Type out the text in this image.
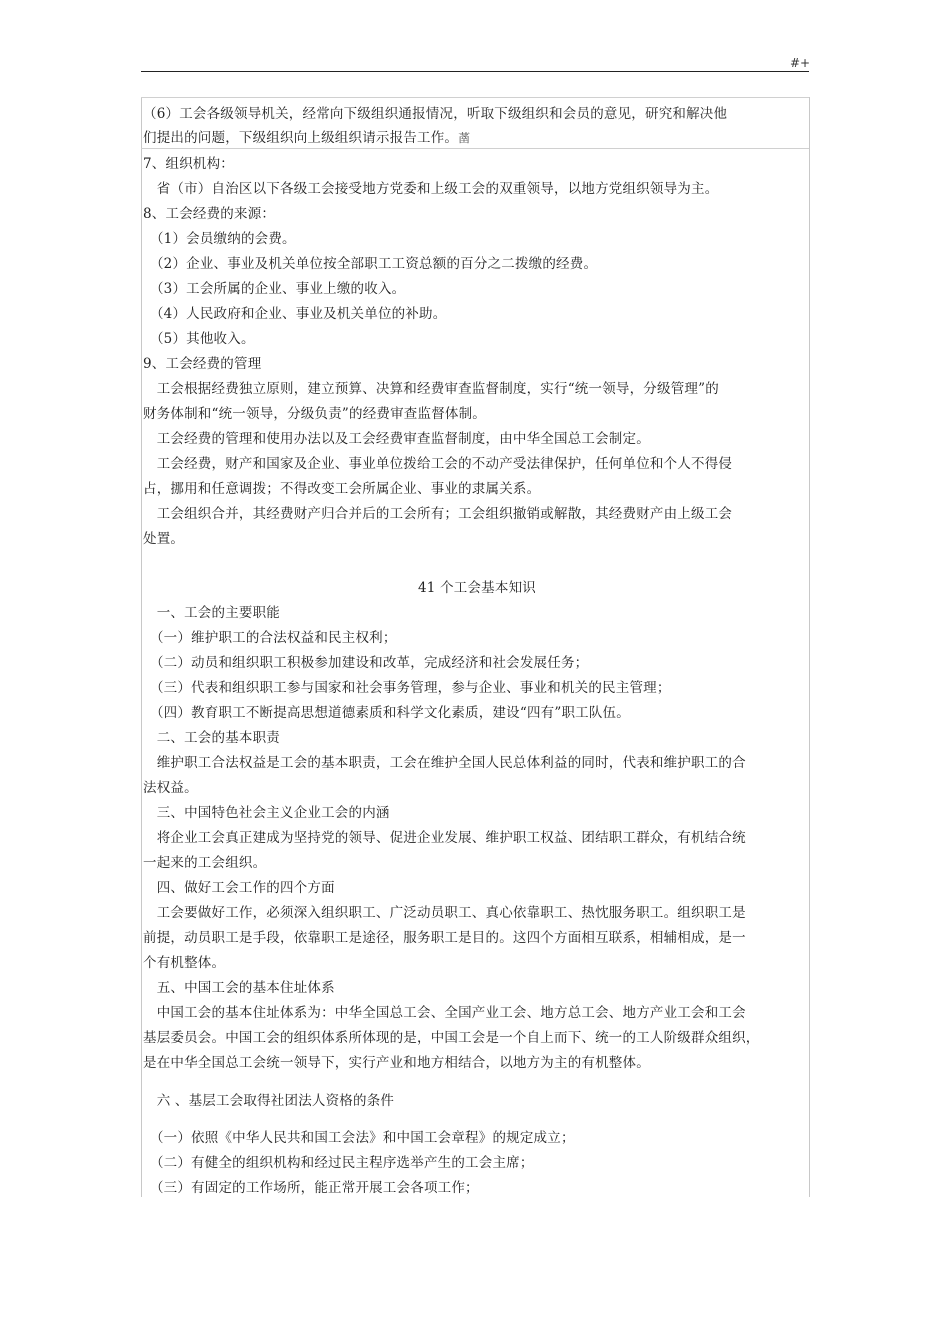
#+
（6）工会各级领导机关，经常向下级组织通报情况，听取下级组织和会员的意见，研究和解决他
们提出的问题，下级组织向上级组织请示报告工作。䓿
7、组织机构：
　省（市）自治区以下各级工会接受地方党委和上级工会的双重领导，以地方党组织领导为主。
8、工会经费的来源：
　（1）会员缴纳的会费。
　（2）企业、事业及机关单位按全部职工工资总额的百分之二拨缴的经费。
　（3）工会所属的企业、事业上缴的收入。
　（4）人民政府和企业、事业及机关单位的补助。
　（5）其他收入。
9、工会经费的管理
　工会根据经费独立原则，建立预算、决算和经费审查监督制度，实行“统一领导，分级管理”的
财务体制和“统一领导，分级负责”的经费审查监督体制。
　工会经费的管理和使用办法以及工会经费审查监督制度，由中华全国总工会制定。
　工会经费，财产和国家及企业、事业单位拨给工会的不动产受法律保护，任何单位和个人不得侵
占，挪用和任意调拨；不得改变工会所属企业、事业的隶属关系。
　工会组织合并，其经费财产归合并后的工会所有；工会组织撤销或解散，其经费财产由上级工会
处置。
41 个工会基本知识
　一、工会的主要职能
　（一）维护职工的合法权益和民主权利；
　（二）动员和组织职工积极参加建设和改革，完成经济和社会发展任务；
　（三）代表和组织职工参与国家和社会事务管理，参与企业、事业和机关的民主管理；
　（四）教育职工不断提高思想道德素质和科学文化素质，建设“四有”职工队伍。
　二、工会的基本职责
　维护职工合法权益是工会的基本职责，工会在维护全国人民总体利益的同时，代表和维护职工的合
法权益。
　三、中国特色社会主义企业工会的内涵
　将企业工会真正建成为坚持党的领导、促进企业发展、维护职工权益、团结职工群众，有机结合统
一起来的工会组织。
　四、做好工会工作的四个方面
　工会要做好工作，必须深入组织职工、广泛动员职工、真心依靠职工、热忱服务职工。组织职工是
前提，动员职工是手段，依靠职工是途径，服务职工是目的。这四个方面相互联系，相辅相成，是一
个有机整体。
　五、中国工会的基本住址体系
　中国工会的基本住址体系为：中华全国总工会、全国产业工会、地方总工会、地方产业工会和工会
基层委员会。中国工会的组织体系所体现的是，中国工会是一个自上而下、统一的工人阶级群众组织，
是在中华全国总工会统一领导下，实行产业和地方相结合，以地方为主的有机整体。
　六 、基层工会取得社团法人资格的条件
　（一）依照《中华人民共和国工会法》和中国工会章程》的规定成立；
　（二）有健全的组织机构和经过民主程序选举产生的工会主席；
　（三）有固定的工作场所，能正常开展工会各项工作；
